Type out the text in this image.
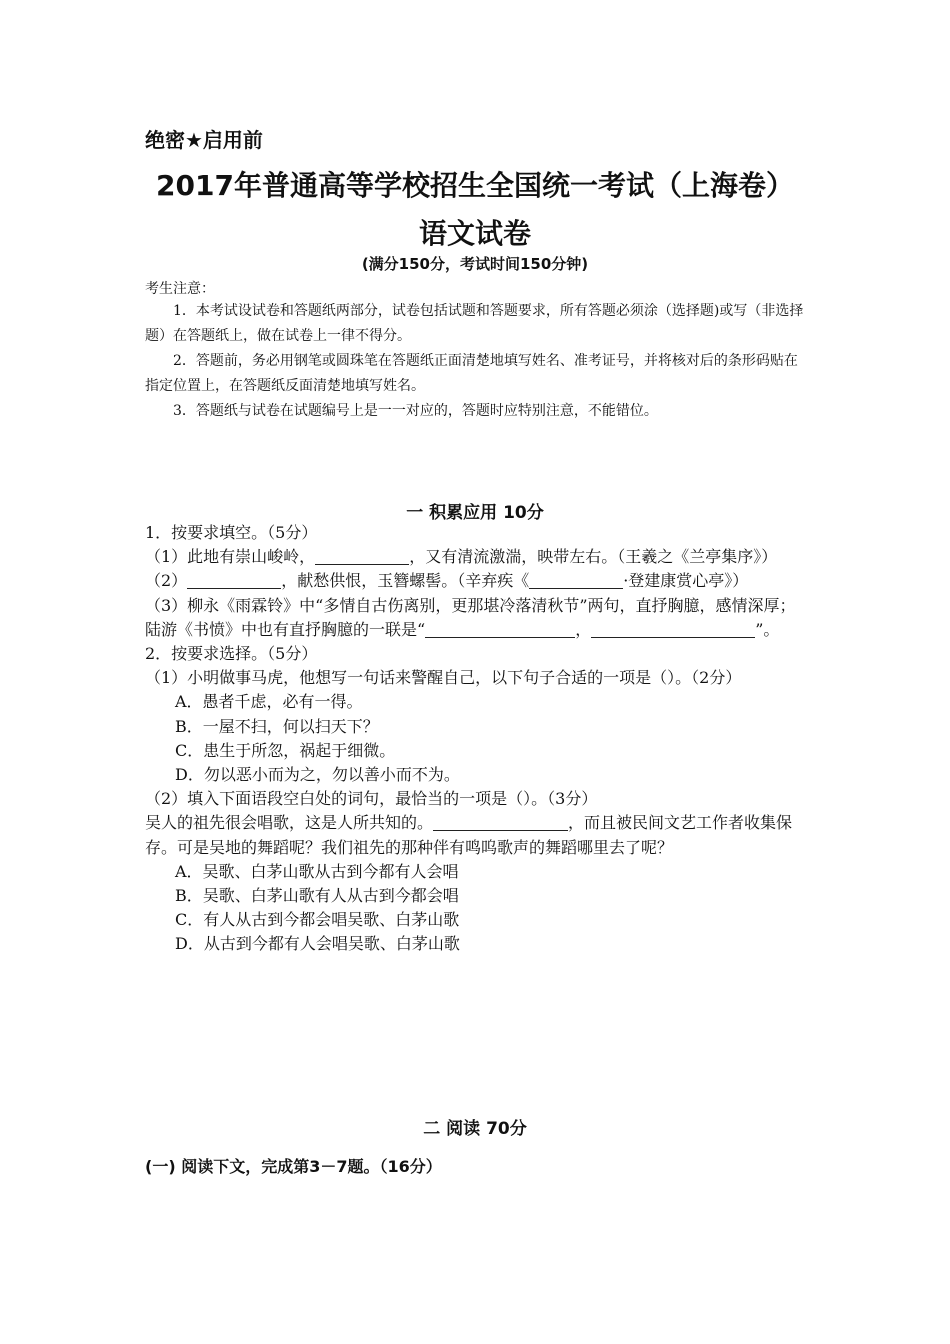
绝密★启用前
2017年普通高等学校招生全国统一考试（上海卷）
语文试卷
(满分150分，考试时间150分钟)
考生注意：

1．本考试设试卷和答题纸两部分，试卷包括试题和答题要求，所有答题必须涂（选择题)或写（非选择题）在答题纸上，做在试卷上一律不得分。

2．答题前，务必用钢笔或圆珠笔在答题纸正面清楚地填写姓名、准考证号，并将核对后的条形码贴在指定位置上，在答题纸反面清楚地填写姓名。

3．答题纸与试卷在试题编号上是一一对应的，答题时应特别注意，不能错位。

一 积累应用 10分

1．按要求填空。（5分）

（1）此地有崇山峻岭，	，又有清流激湍，映带左右。（王羲之《兰亭集序》）

（2）	，献愁供恨，玉簪螺髻。（辛弃疾《	·登建康赏心亭》）

（3）柳永《雨霖铃》中“多情自古伤离别，更那堪冷落清秋节”两句，直抒胸臆，感情深厚；陆游《书愤》中也有直抒胸臆的一联是“	，	”。

2．按要求选择。（5分）

（1）小明做事马虎，他想写一句话来警醒自己，以下句子合适的一项是（）。（2分）

A．愚者千虑，必有一得。

B．一屋不扫，何以扫天下？

C．患生于所忽，祸起于细微。

D．勿以恶小而为之，勿以善小而不为。

（2）填入下面语段空白处的词句，最恰当的一项是（）。（3分）

吴人的祖先很会唱歌，这是人所共知的。	，而且被民间文艺工作者收集保存。可是吴地的舞蹈呢？我们祖先的那种伴有鸣呜歌声的舞蹈哪里去了呢？

A．吴歌、白茅山歌从古到今都有人会唱

B．吴歌、白茅山歌有人从古到今都会唱

C．有人从古到今都会唱吴歌、白茅山歌

D．从古到今都有人会唱吴歌、白茅山歌

二 阅读 70分
(一) 阅读下文，完成第3－7题。（16分）
